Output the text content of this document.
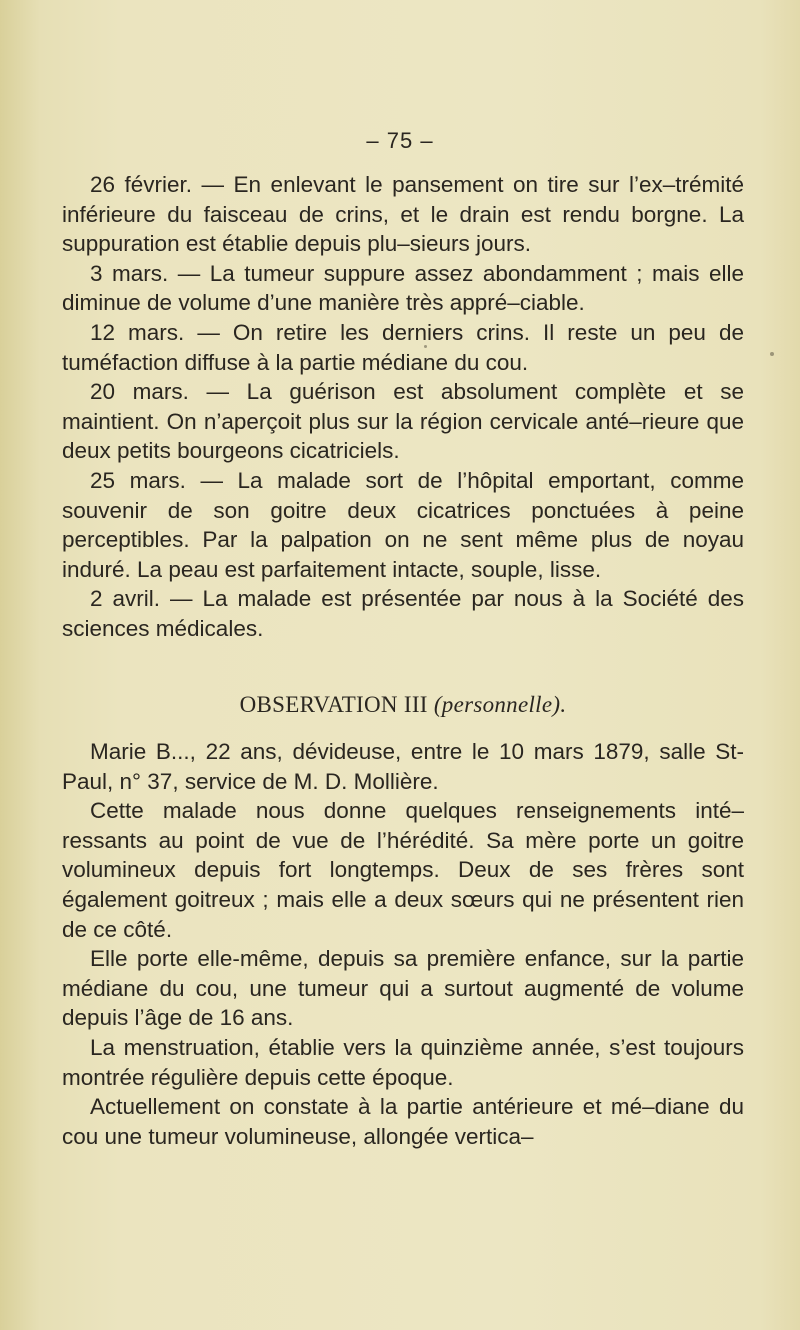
– 75 –

26 février. — En enlevant le pansement on tire sur l’ex–trémité inférieure du faisceau de crins, et le drain est rendu borgne. La suppuration est établie depuis plu–sieurs jours.

3 mars. — La tumeur suppure assez abondamment ; mais elle diminue de volume d’une manière très appré–ciable.

12 mars. — On retire les derniers crins. Il reste un peu de tuméfaction diffuse à la partie médiane du cou.

20 mars. — La guérison est absolument complète et se maintient. On n’aperçoit plus sur la région cervicale anté–rieure que deux petits bourgeons cicatriciels.

25 mars. — La malade sort de l’hôpital emportant, comme souvenir de son goitre deux cicatrices ponctuées à peine perceptibles. Par la palpation on ne sent même plus de noyau induré. La peau est parfaitement intacte, souple, lisse.

2 avril. — La malade est présentée par nous à la Société des sciences médicales.

OBSERVATION III (personnelle).

Marie B..., 22 ans, dévideuse, entre le 10 mars 1879, salle St-Paul, n° 37, service de M. D. Mollière.

Cette malade nous donne quelques renseignements inté–ressants au point de vue de l’hérédité. Sa mère porte un goitre volumineux depuis fort longtemps. Deux de ses frères sont également goitreux ; mais elle a deux sœurs qui ne présentent rien de ce côté.

Elle porte elle-même, depuis sa première enfance, sur la partie médiane du cou, une tumeur qui a surtout augmenté de volume depuis l’âge de 16 ans.

La menstruation, établie vers la quinzième année, s’est toujours montrée régulière depuis cette époque.

Actuellement on constate à la partie antérieure et mé–diane du cou une tumeur volumineuse, allongée vertica–
